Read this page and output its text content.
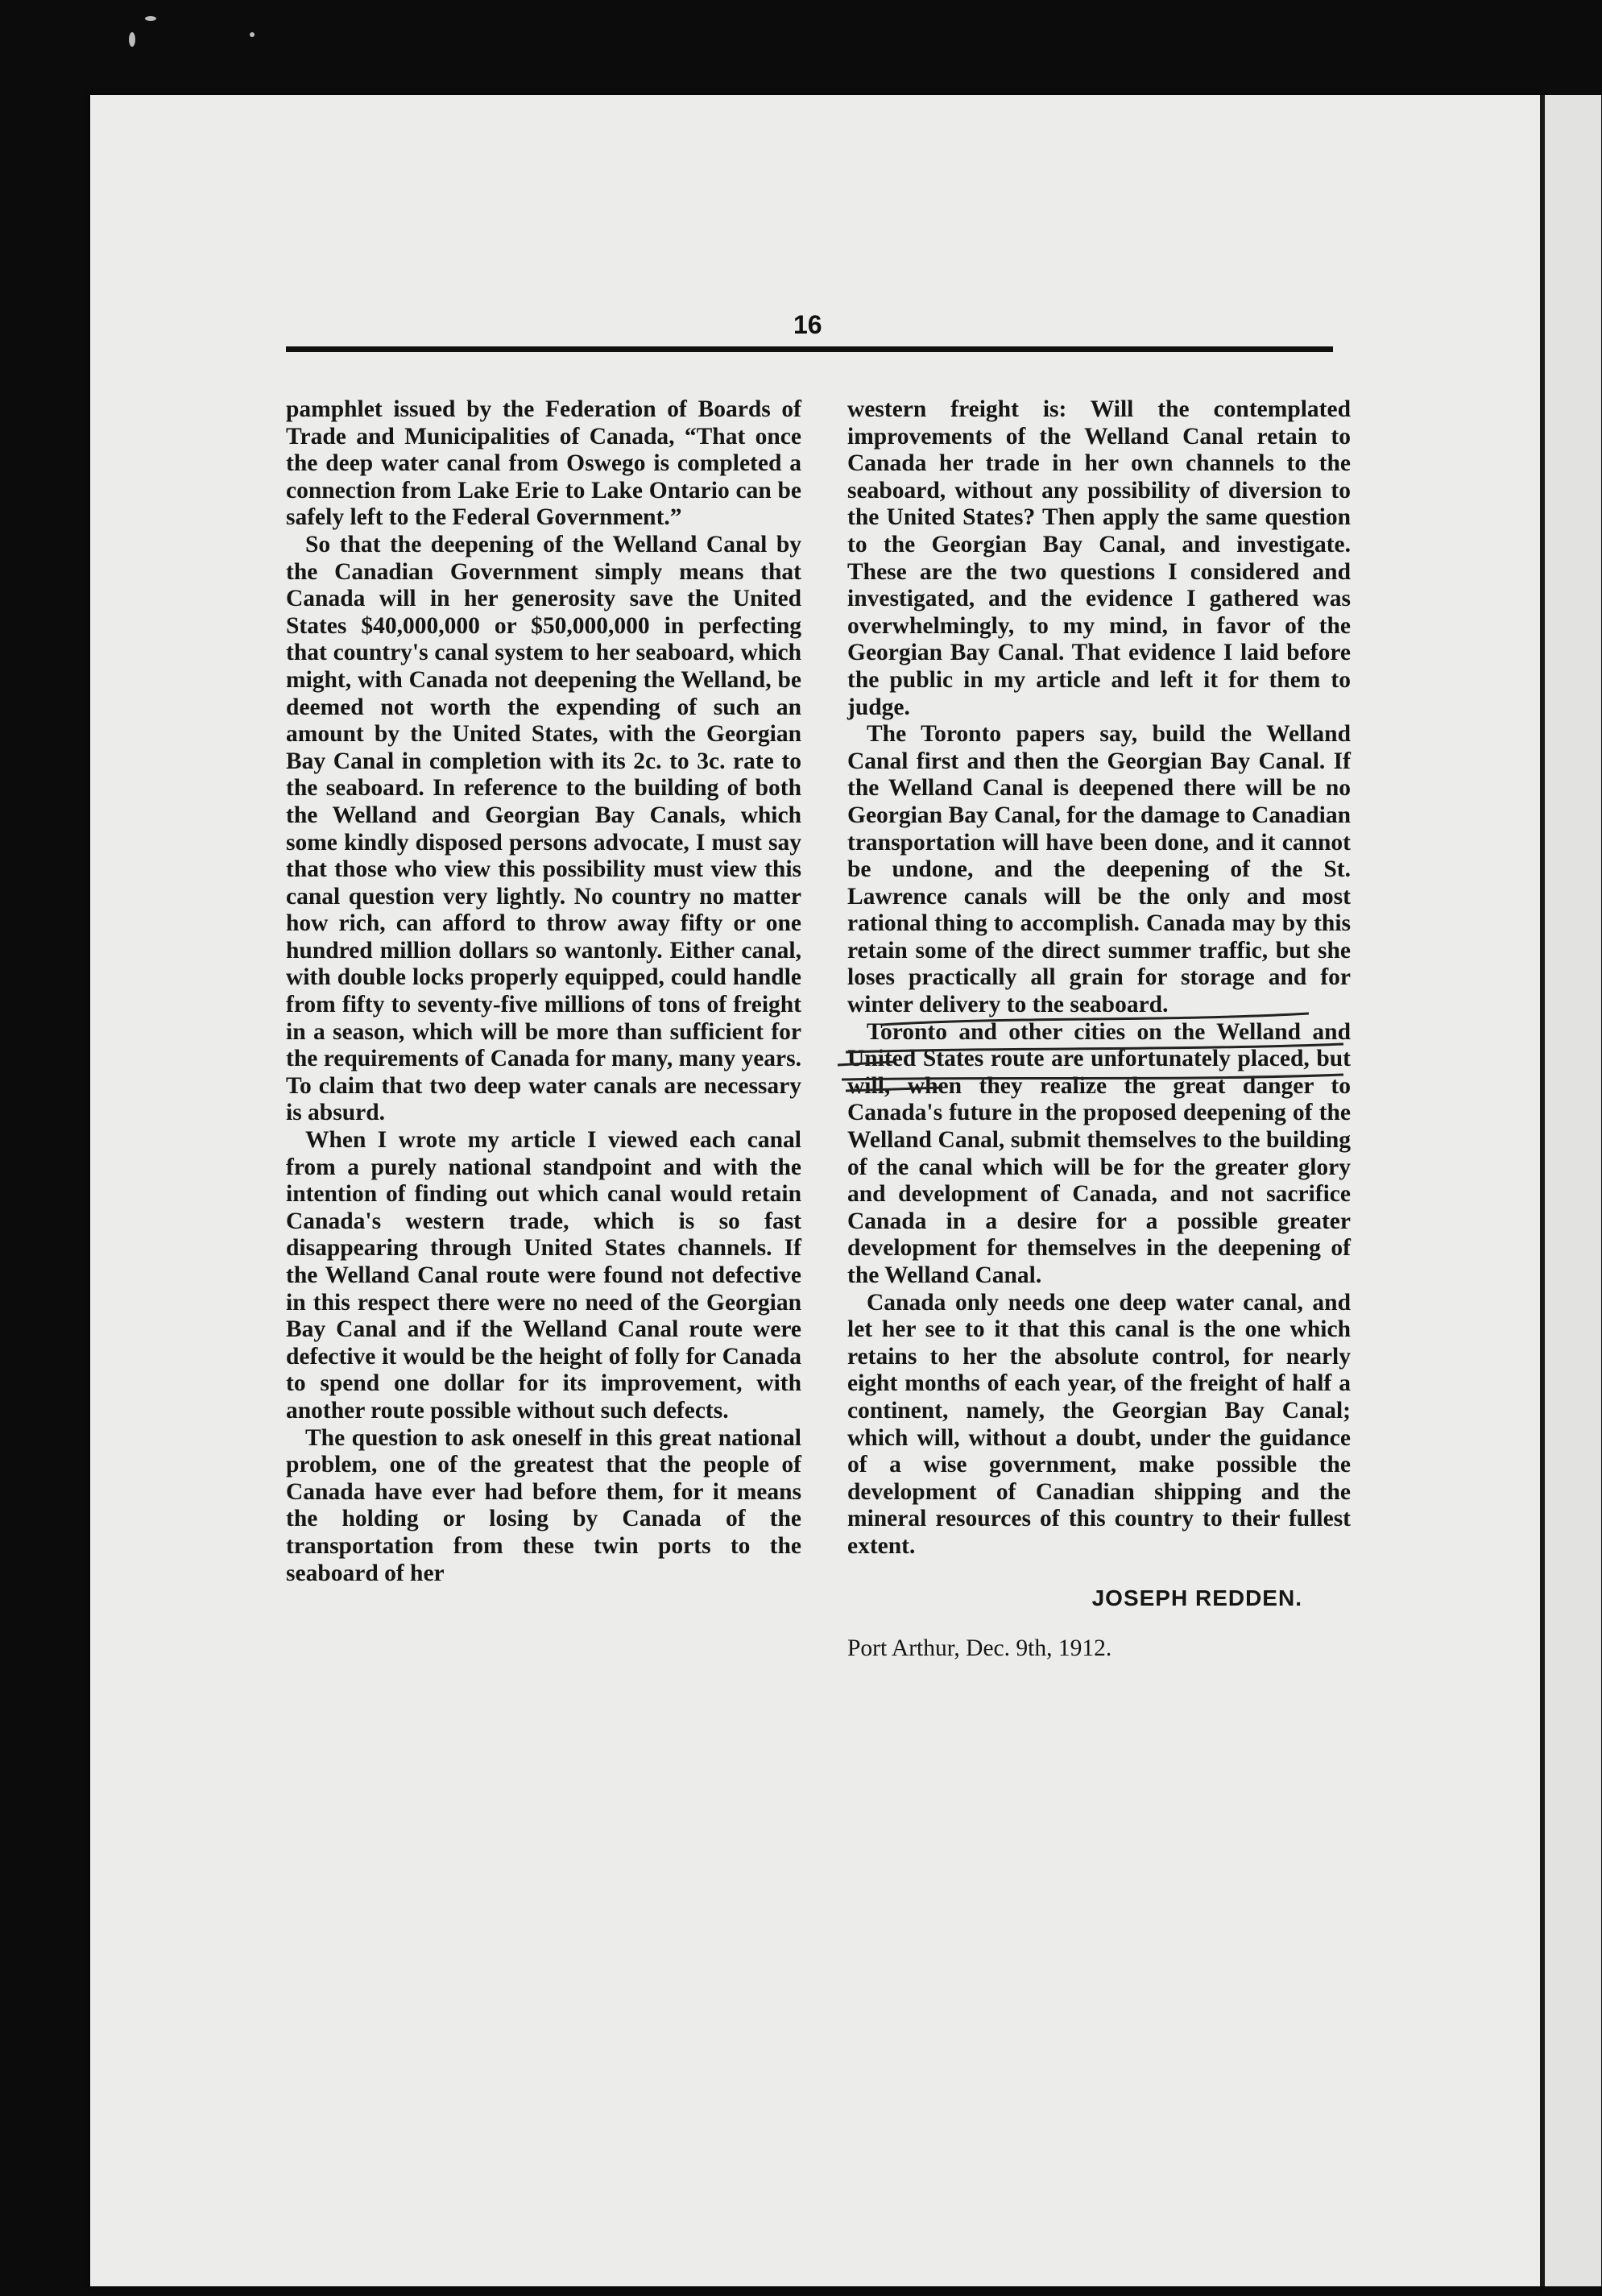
16

pamphlet issued by the Federation of Boards of Trade and Municipalities of Canada, “That once the deep water canal from Oswego is completed a connection from Lake Erie to Lake Ontario can be safely left to the Federal Government.”

So that the deepening of the Welland Canal by the Canadian Government simply means that Canada will in her generosity save the United States $40,000,000 or $50,000,000 in perfecting that country's canal system to her seaboard, which might, with Canada not deepening the Welland, be deemed not worth the expending of such an amount by the United States, with the Georgian Bay Canal in completion with its 2c. to 3c. rate to the seaboard. In reference to the building of both the Welland and Georgian Bay Canals, which some kindly disposed persons advocate, I must say that those who view this possibility must view this canal question very lightly. No country no matter how rich, can afford to throw away fifty or one hundred million dollars so wantonly. Either canal, with double locks properly equipped, could handle from fifty to seventy-five millions of tons of freight in a season, which will be more than sufficient for the requirements of Canada for many, many years. To claim that two deep water canals are necessary is absurd.

When I wrote my article I viewed each canal from a purely national standpoint and with the intention of finding out which canal would retain Canada's western trade, which is so fast disappearing through United States channels. If the Welland Canal route were found not defective in this respect there were no need of the Georgian Bay Canal and if the Welland Canal route were defective it would be the height of folly for Canada to spend one dollar for its improvement, with another route possible without such defects.

The question to ask oneself in this great national problem, one of the greatest that the people of Canada have ever had before them, for it means the holding or losing by Canada of the transportation from these twin ports to the seaboard of her

western freight is: Will the contemplated improvements of the Welland Canal retain to Canada her trade in her own channels to the seaboard, without any possibility of diversion to the United States? Then apply the same question to the Georgian Bay Canal, and investigate. These are the two questions I considered and investigated, and the evidence I gathered was overwhelmingly, to my mind, in favor of the Georgian Bay Canal. That evidence I laid before the public in my article and left it for them to judge.

The Toronto papers say, build the Welland Canal first and then the Georgian Bay Canal. If the Welland Canal is deepened there will be no Georgian Bay Canal, for the damage to Canadian transportation will have been done, and it cannot be undone, and the deepening of the St. Lawrence canals will be the only and most rational thing to accomplish. Canada may by this retain some of the direct summer traffic, but she loses practically all grain for storage and for winter delivery to the seaboard.

Toronto and other cities on the Welland and United States route are unfortunately placed, but will, when they realize the great danger to Canada's future in the proposed deepening of the Welland Canal, submit themselves to the building of the canal which will be for the greater glory and development of Canada, and not sacrifice Canada in a desire for a possible greater development for themselves in the deepening of the Welland Canal.

Canada only needs one deep water canal, and let her see to it that this canal is the one which retains to her the absolute control, for nearly eight months of each year, of the freight of half a continent, namely, the Georgian Bay Canal; which will, without a doubt, under the guidance of a wise government, make possible the development of Canadian shipping and the mineral resources of this country to their fullest extent.

JOSEPH REDDEN.
Port Arthur, Dec. 9th, 1912.
